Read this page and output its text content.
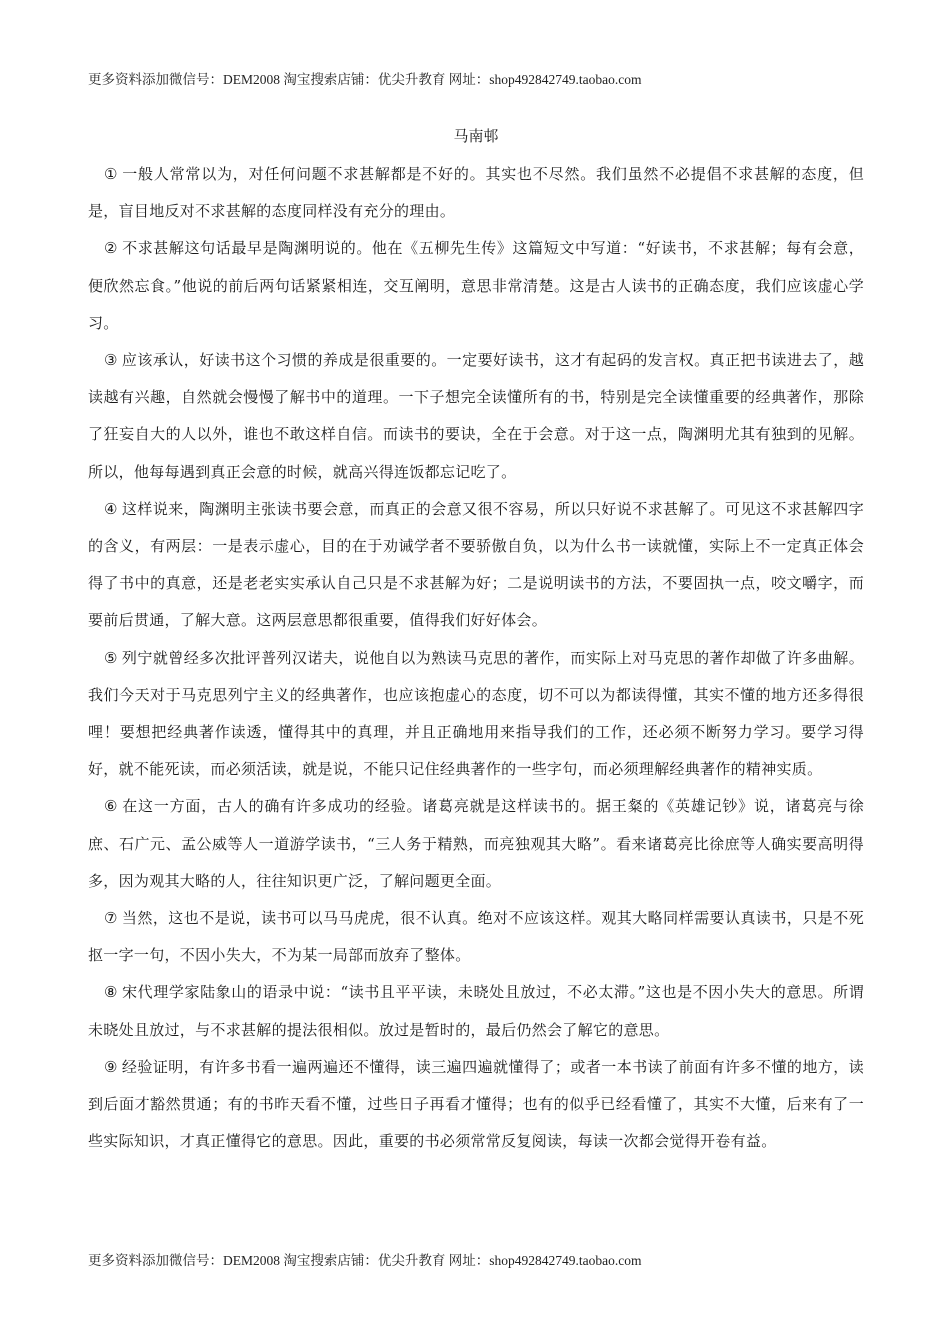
更多资料添加微信号：DEM2008 淘宝搜索店铺：优尖升教育 网址：shop492842749.taobao.com
马南邨
① 一般人常常以为，对任何问题不求甚解都是不好的。其实也不尽然。我们虽然不必提倡不求甚解的态度，但是，盲目地反对不求甚解的态度同样没有充分的理由。
② 不求甚解这句话最早是陶渊明说的。他在《五柳先生传》这篇短文中写道：“好读书，不求甚解；每有会意，便欣然忘食。”他说的前后两句话紧紧相连，交互阐明，意思非常清楚。这是古人读书的正确态度，我们应该虚心学习。
③ 应该承认，好读书这个习惯的养成是很重要的。一定要好读书，这才有起码的发言权。真正把书读进去了，越读越有兴趣，自然就会慢慢了解书中的道理。一下子想完全读懂所有的书，特别是完全读懂重要的经典著作，那除了狂妄自大的人以外，谁也不敢这样自信。而读书的要诀，全在于会意。对于这一点，陶渊明尤其有独到的见解。所以，他每每遇到真正会意的时候，就高兴得连饭都忘记吃了。
④ 这样说来，陶渊明主张读书要会意，而真正的会意又很不容易，所以只好说不求甚解了。可见这不求甚解四字的含义，有两层：一是表示虚心，目的在于劝诫学者不要骄傲自负，以为什么书一读就懂，实际上不一定真正体会得了书中的真意，还是老老实实承认自己只是不求甚解为好；二是说明读书的方法，不要固执一点，咬文嚼字，而要前后贯通，了解大意。这两层意思都很重要，值得我们好好体会。
⑤ 列宁就曾经多次批评普列汉诺夫，说他自以为熟读马克思的著作，而实际上对马克思的著作却做了许多曲解。我们今天对于马克思列宁主义的经典著作，也应该抱虚心的态度，切不可以为都读得懂，其实不懂的地方还多得很哩！要想把经典著作读透，懂得其中的真理，并且正确地用来指导我们的工作，还必须不断努力学习。要学习得好，就不能死读，而必须活读，就是说，不能只记住经典著作的一些字句，而必须理解经典著作的精神实质。
⑥ 在这一方面，古人的确有许多成功的经验。诸葛亮就是这样读书的。据王粲的《英雄记钞》说，诸葛亮与徐庶、石广元、孟公威等人一道游学读书，“三人务于精熟，而亮独观其大略”。看来诸葛亮比徐庶等人确实要高明得多，因为观其大略的人，往往知识更广泛，了解问题更全面。
⑦ 当然，这也不是说，读书可以马马虎虎，很不认真。绝对不应该这样。观其大略同样需要认真读书，只是不死抠一字一句，不因小失大，不为某一局部而放弃了整体。
⑧ 宋代理学家陆象山的语录中说：“读书且平平读，未晓处且放过，不必太滞。”这也是不因小失大的意思。所谓未晓处且放过，与不求甚解的提法很相似。放过是暂时的，最后仍然会了解它的意思。
⑨ 经验证明，有许多书看一遍两遍还不懂得，读三遍四遍就懂得了；或者一本书读了前面有许多不懂的地方，读到后面才豁然贯通；有的书昨天看不懂，过些日子再看才懂得；也有的似乎已经看懂了，其实不大懂，后来有了一些实际知识，才真正懂得它的意思。因此，重要的书必须常常反复阅读，每读一次都会觉得开卷有益。
更多资料添加微信号：DEM2008 淘宝搜索店铺：优尖升教育 网址：shop492842749.taobao.com
